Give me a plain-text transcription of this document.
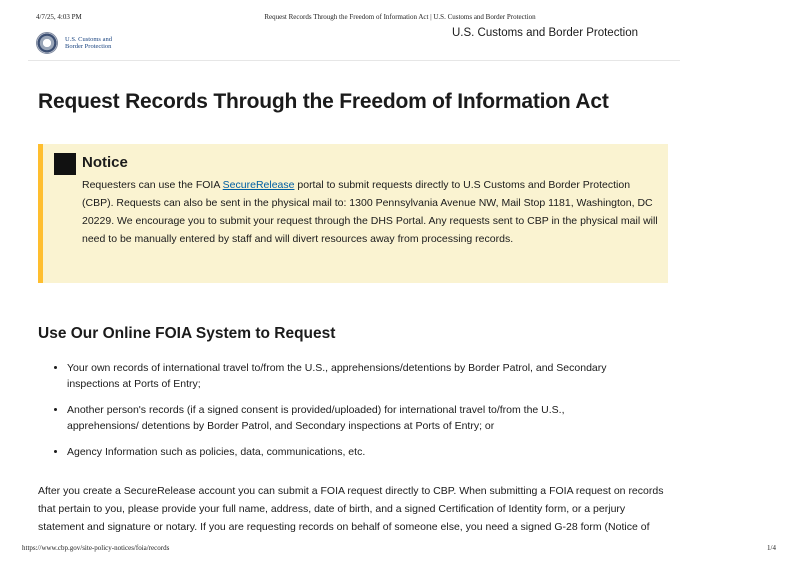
4/7/25, 4:03 PM	Request Records Through the Freedom of Information Act | U.S. Customs and Border Protection
U.S. Customs and
Border Protection
U.S. Customs and Border Protection
Request Records Through the Freedom of Information Act
Notice
Requesters can use the FOIA SecureRelease portal to submit requests directly to U.S Customs and Border Protection (CBP). Requests can also be sent in the physical mail to: 1300 Pennsylvania Avenue NW, Mail Stop 1181, Washington, DC 20229. We encourage you to submit your request through the DHS Portal. Any requests sent to CBP in the physical mail will need to be manually entered by staff and will divert resources away from processing records.
Use Our Online FOIA System to Request
• Your own records of international travel to/from the U.S., apprehensions/detentions by Border Patrol, and Secondary inspections at Ports of Entry;
• Another person's records (if a signed consent is provided/uploaded) for international travel to/from the U.S., apprehensions/ detentions by Border Patrol, and Secondary inspections at Ports of Entry; or
• Agency Information such as policies, data, communications, etc.

After you create a SecureRelease account you can submit a FOIA request directly to CBP. When submitting a FOIA request on records that pertain to you, please provide your full name, address, date of birth, and a signed Certification of Identity form, or a perjury statement and signature or notary. If you are requesting records on behalf of someone else, you need a signed G-28 form (Notice of

https://www.cbp.gov/site-policy-notices/foia/records	1/4
